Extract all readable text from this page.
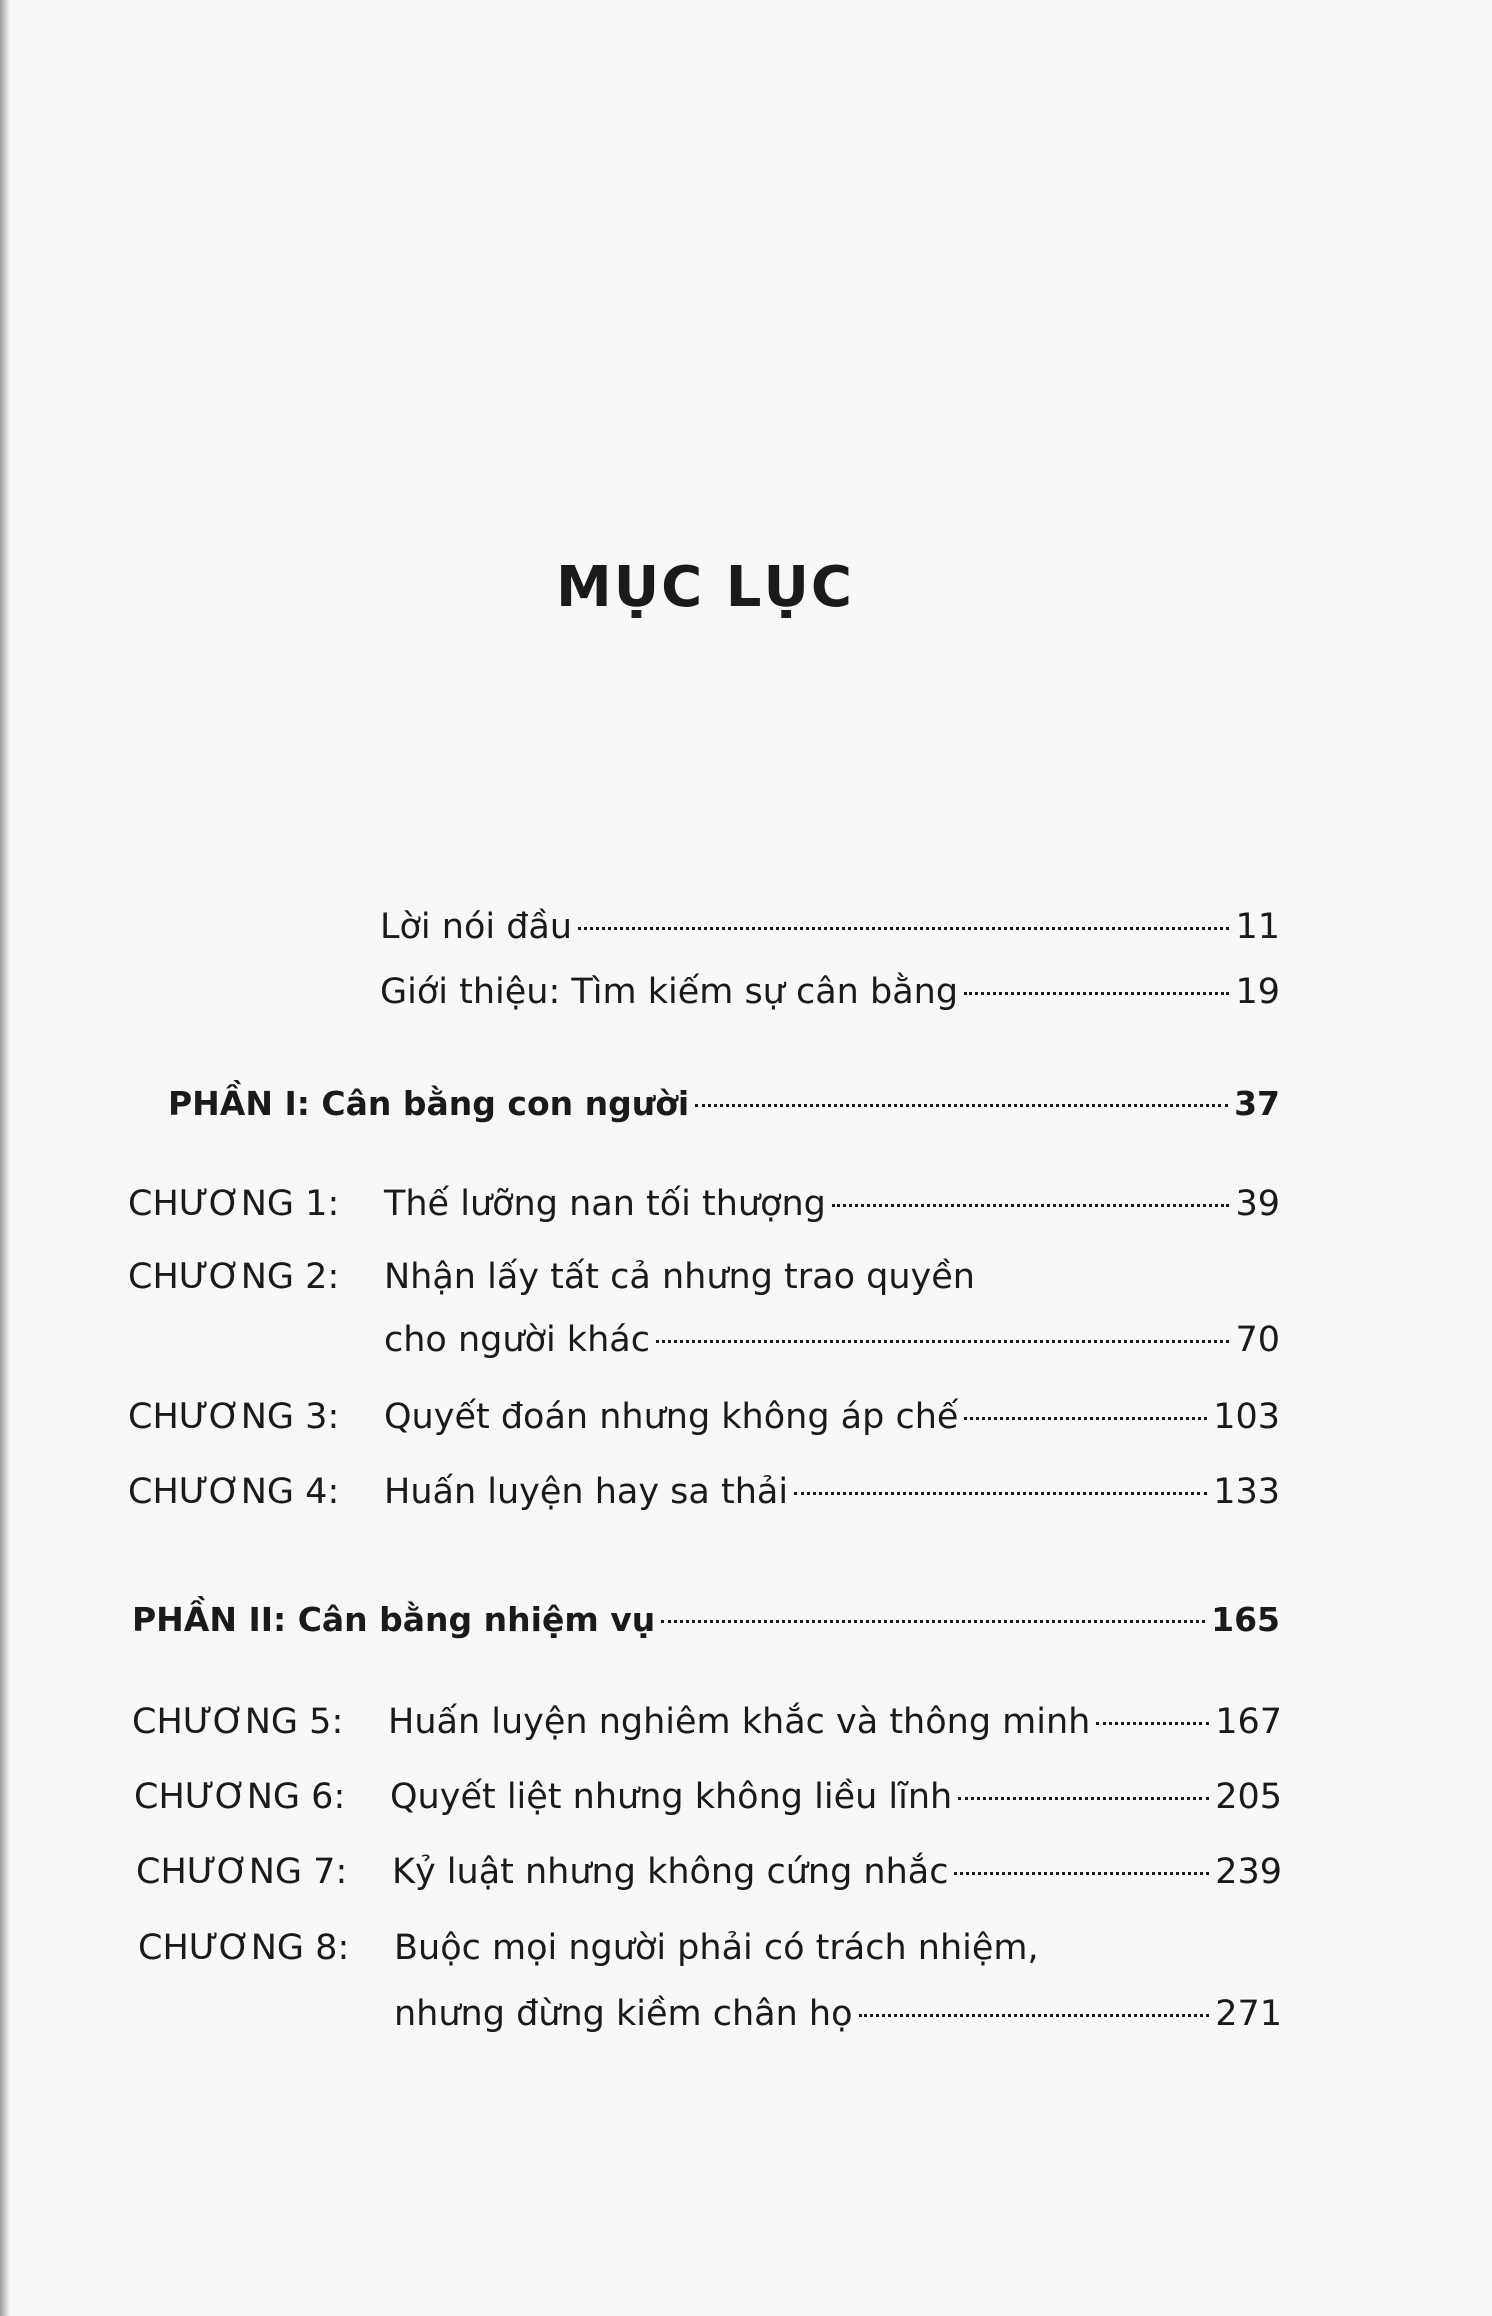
MỤC LỤC
Lời nói đầu	11
Giới thiệu: Tìm kiếm sự cân bằng	19
PHẦN I: Cân bằng con người	37
CHƯƠNG 1:	Thế lưỡng nan tối thượng	39
CHƯƠNG 2: Nhận lấy tất cả nhưng trao quyền
cho người khác	70
CHƯƠNG 3:	Quyết đoán nhưng không áp chế	103
CHƯƠNG 4:	Huấn luyện hay sa thải	133
PHẦN II: Cân bằng nhiệm vụ	165
CHƯƠNG 5:	Huấn luyện nghiêm khắc và thông minh	167
CHƯƠNG 6:	Quyết liệt nhưng không liều lĩnh	205
CHƯƠNG 7:	Kỷ luật nhưng không cứng nhắc	239
CHƯƠNG 8: Buộc mọi người phải có trách nhiệm,
nhưng đừng kiềm chân họ	271
